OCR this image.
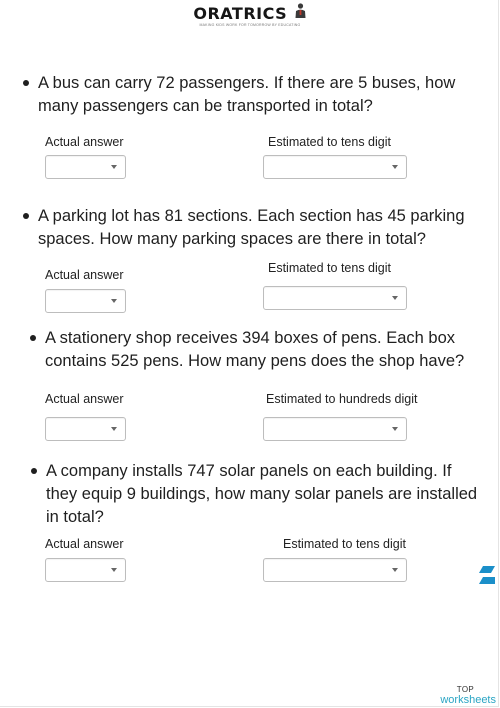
ORATRICS
MAKING KIDS WORK FOR TOMORROW BY EDUCATING
A bus can carry 72 passengers. If there are 5 buses, how many passengers can be transported in total?
Actual answer	Estimated to tens digit
A parking lot has 81 sections. Each section has 45 parking spaces. How many parking spaces are there in total?
Actual answer	Estimated to tens digit
A stationery shop receives 394 boxes of pens. Each box contains 525 pens. How many pens does the shop have?
Actual answer	Estimated to hundreds digit
A company installs 747 solar panels on each building. If they equip 9 buildings, how many solar panels are installed in total?
Actual answer	Estimated to tens digit
TOP
worksheets
